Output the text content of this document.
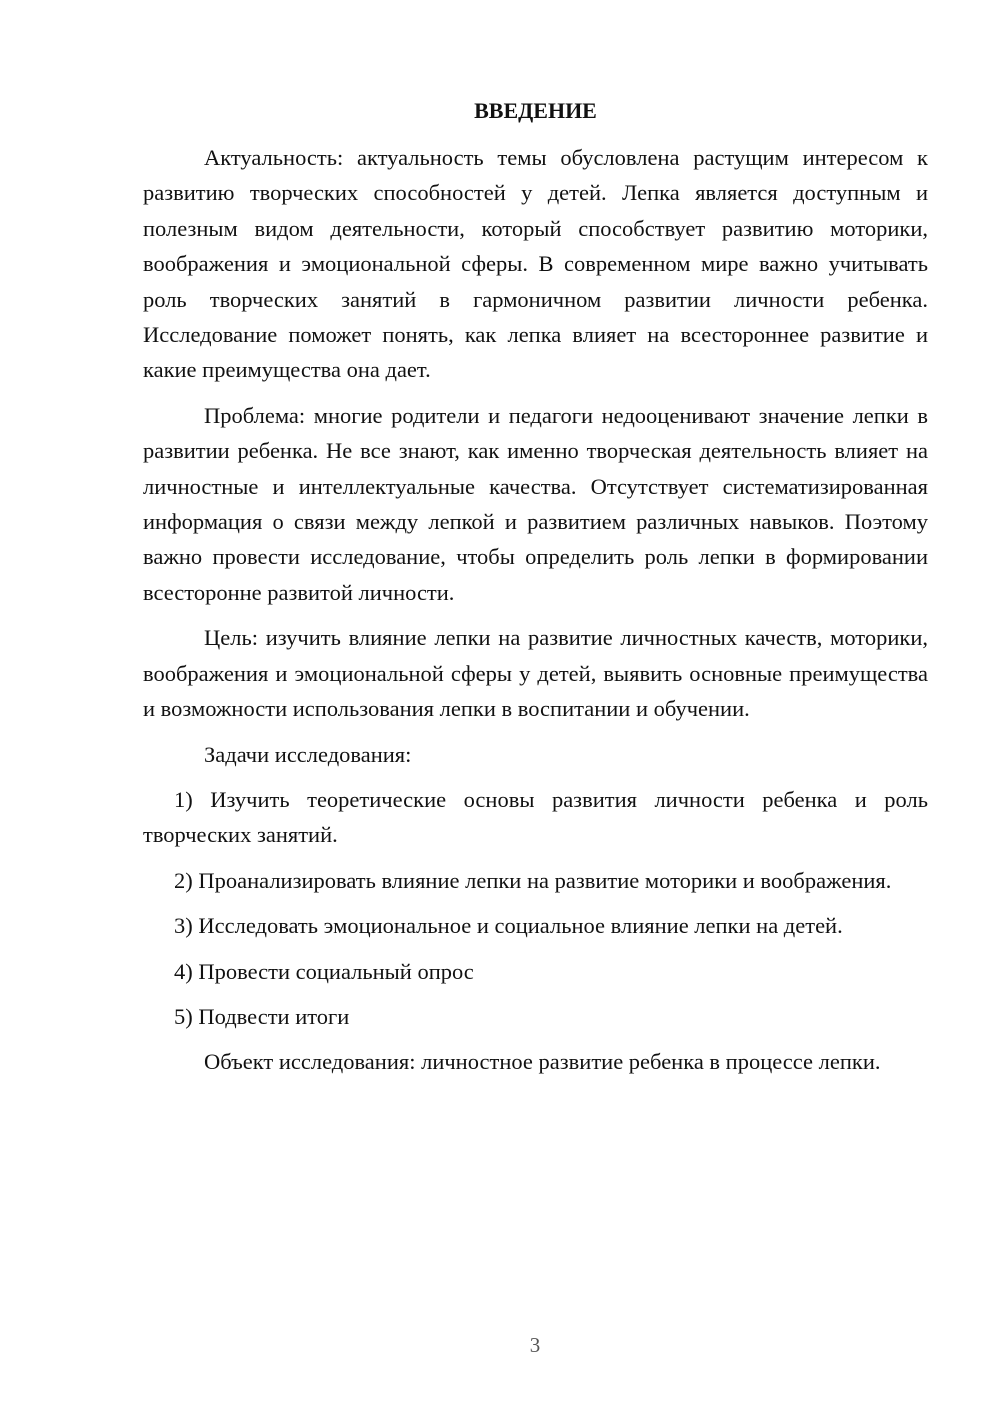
ВВЕДЕНИЕ

Актуальность: актуальность темы обусловлена растущим интересом к развитию творческих способностей у детей. Лепка является доступным и полезным видом деятельности, который способствует развитию моторики, воображения и эмоциональной сферы. В современном мире важно учитывать роль творческих занятий в гармоничном развитии личности ребенка. Исследование поможет понять, как лепка влияет на всестороннее развитие и какие преимущества она дает.

Проблема: многие родители и педагоги недооценивают значение лепки в развитии ребенка. Не все знают, как именно творческая деятельность влияет на личностные и интеллектуальные качества. Отсутствует систематизированная информация о связи между лепкой и развитием различных навыков. Поэтому важно провести исследование, чтобы определить роль лепки в формировании всесторонне развитой личности.

Цель: изучить влияние лепки на развитие личностных качеств, моторики, воображения и эмоциональной сферы у детей, выявить основные преимущества и возможности использования лепки в воспитании и обучении.

Задачи исследования:

1) Изучить теоретические основы развития личности ребенка и роль творческих занятий.

2) Проанализировать влияние лепки на развитие моторики и воображения.

3) Исследовать эмоциональное и социальное влияние лепки на детей.

4) Провести социальный опрос

5) Подвести итоги

Объект исследования: личностное развитие ребенка в процессе лепки.

3
